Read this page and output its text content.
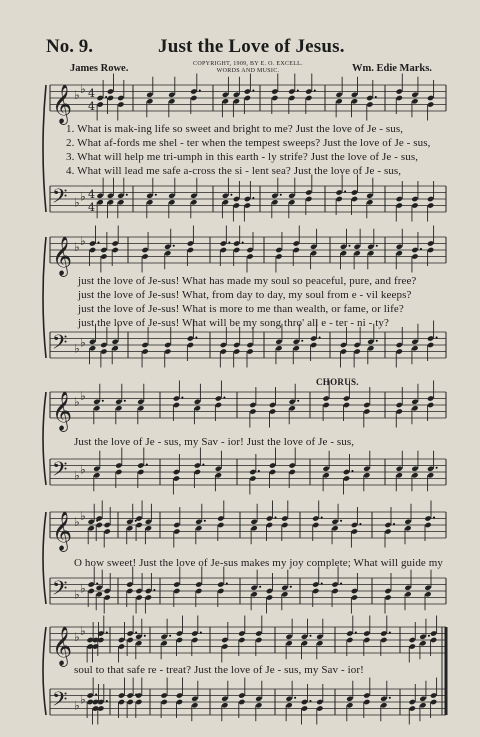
No. 9.	Just the Love of Jesus.
James Rowe.	COPYRIGHT, 1909, BY E. O. EXCELL.
WORDS AND MUSIC.	Wm. Edie Marks.
𝄞 ♭ ♭ 4
4
𝄢 ♭ ♭ 4
4
𝄞 ♭ ♭
𝄢 ♭ ♭
𝄞 ♭ ♭
𝄢 ♭ ♭
𝄞 ♭ ♭
𝄢 ♭ ♭
𝄞 ♭ ♭
𝄢 ♭ ♭
1. What is mak-ing life so sweet and bright to me? Just the love of Je - sus,
2. What af-fords me shel - ter when the tempest sweeps? Just the love of Je - sus,
3. What will help me tri-umph in this earth - ly strife? Just the love of Je - sus,
4. What will lead me safe a-cross the si - lent sea? Just the love of Je - sus,
just the love of Je-sus! What has made my soul so peaceful, pure, and free?
just the love of Je-sus! What, from day to day, my soul from e - vil keeps?
just the love of Je-sus! What is more to me than wealth, or fame, or life?
just the love of Je-sus! What will be my song thro' all e - ter - ni - ty?
CHORUS.
Just the love of Je - sus, my Sav - ior! Just the love of Je - sus,
O how sweet! Just the love of Je-sus makes my joy complete; What will guide my
soul to that safe re - treat? Just the love of Je - sus, my Sav - ior!
